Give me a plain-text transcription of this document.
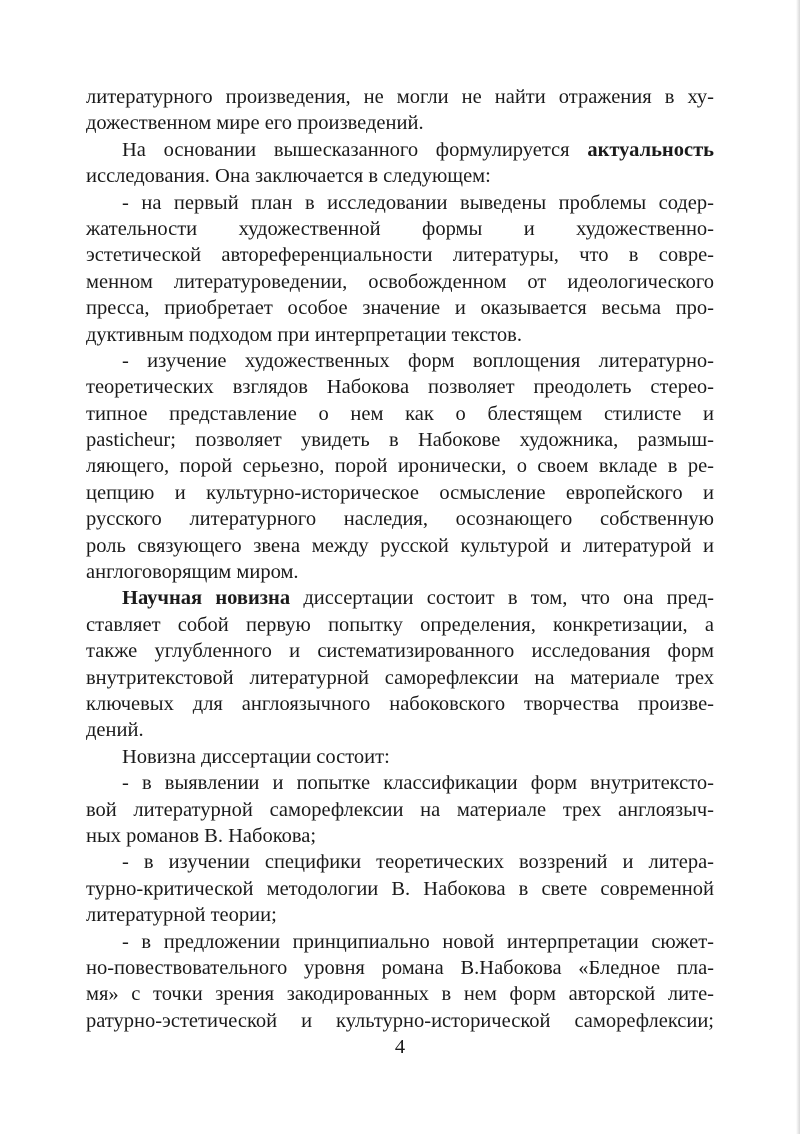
литературного произведения, не могли не найти отражения в ху-
дожественном мире его произведений.
На основании вышесказанного формулируется актуальность
исследования. Она заключается в следующем:
- на первый план в исследовании выведены проблемы содер-
жательности художественной формы и художественно-
эстетической автореференциальности литературы, что в совре-
менном литературоведении, освобожденном от идеологического
пресса, приобретает особое значение и оказывается весьма про-
дуктивным подходом при интерпретации текстов.
- изучение художественных форм воплощения литературно-
теоретических взглядов Набокова позволяет преодолеть стерео-
типное представление о нем как о блестящем стилисте и
pasticheur; позволяет увидеть в Набокове художника, размыш-
ляющего, порой серьезно, порой иронически, о своем вкладе в ре-
цепцию и культурно-историческое осмысление европейского и
русского литературного наследия, осознающего собственную
роль связующего звена между русской культурой и литературой и
англоговорящим миром.
Научная новизна диссертации состоит в том, что она пред-
ставляет собой первую попытку определения, конкретизации, а
также углубленного и систематизированного исследования форм
внутритекстовой литературной саморефлексии на материале трех
ключевых для англоязычного набоковского творчества произве-
дений.
Новизна диссертации состоит:
- в выявлении и попытке классификации форм внутритексто-
вой литературной саморефлексии на материале трех англоязыч-
ных романов В. Набокова;
- в изучении специфики теоретических воззрений и литера-
турно-критической методологии В. Набокова в свете современной
литературной теории;
- в предложении принципиально новой интерпретации сюжет-
но-повествовательного уровня романа В.Набокова «Бледное пла-
мя» с точки зрения закодированных в нем форм авторской лите-
ратурно-эстетической и культурно-исторической саморефлексии;
4
